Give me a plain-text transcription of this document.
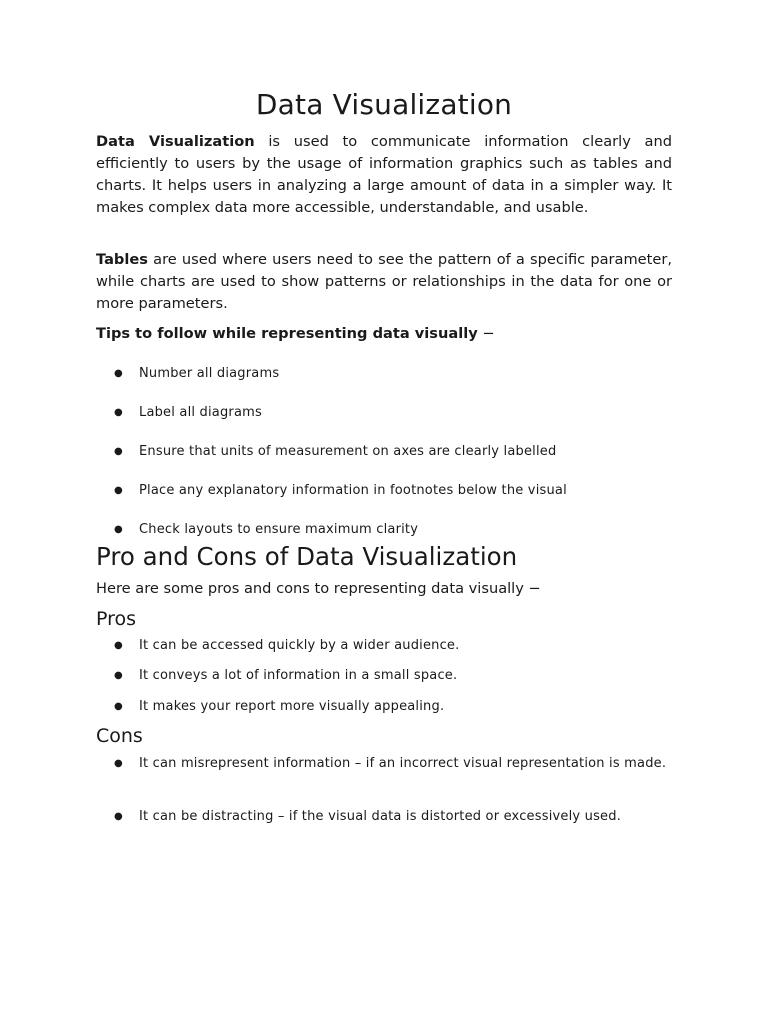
Data Visualization

Data Visualization is used to communicate information clearly and efficiently to users by the usage of information graphics such as tables and charts. It helps users in analyzing a large amount of data in a simpler way. It makes complex data more accessible, understandable, and usable.

Tables are used where users need to see the pattern of a specific parameter, while charts are used to show patterns or relationships in the data for one or more parameters.

Tips to follow while representing data visually −

● Number all diagrams
● Label all diagrams
● Ensure that units of measurement on axes are clearly labelled
● Place any explanatory information in footnotes below the visual
● Check layouts to ensure maximum clarity
Pro and Cons of Data Visualization

Here are some pros and cons to representing data visually −

Pros
● It can be accessed quickly by a wider audience.
● It conveys a lot of information in a small space.
● It makes your report more visually appealing.
Cons
● It can misrepresent information – if an incorrect visual representation is made.
● It can be distracting – if the visual data is distorted or excessively used.
